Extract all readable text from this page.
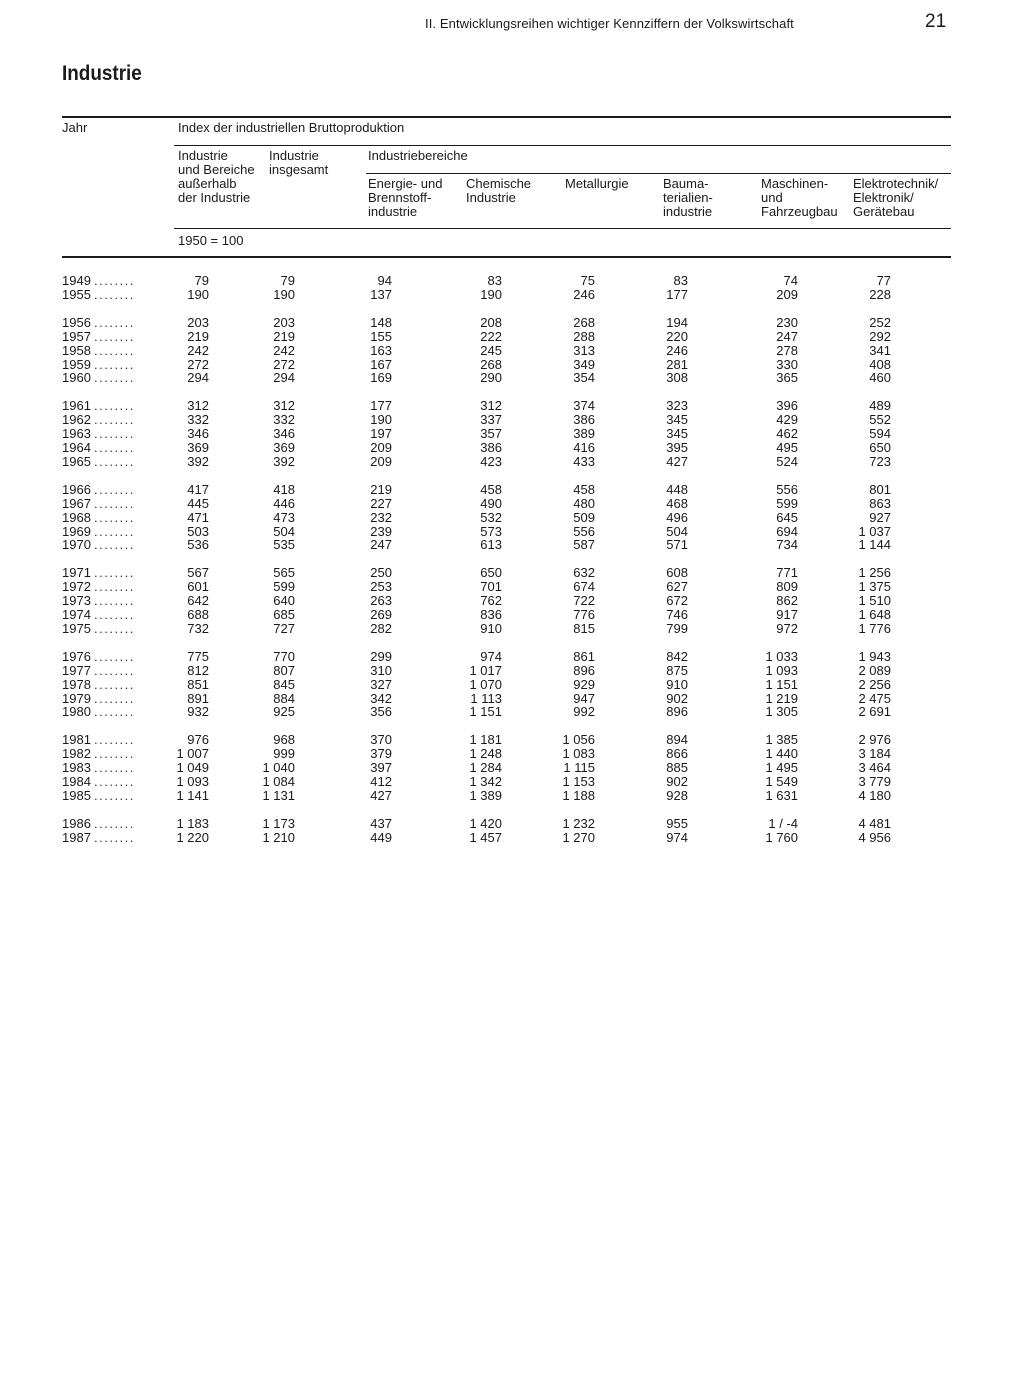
II. Entwicklungsreihen wichtiger Kennziffern der Volkswirtschaft	21
Industrie
Jahr	Index der industriellen Bruttoproduktion
Industrie
und Bereiche
außerhalb
der Industrie
Industrie
insgesamt
Industriebereiche
Energie- und
Brennstoff-
industrie
Chemische
Industrie
Metallurgie	Bauma-
terialien-
industrie
Maschinen-
und
Fahrzeugbau
Elektrotechnik/
Elektronik/
Gerätebau
1950 = 100
1949 ........	79	79	94	83	75	83	74	77
1955 ........	190	190	137	190	246	177	209	228
1956 ........	203	203	148	208	268	194	230	252
1957 ........	219	219	155	222	288	220	247	292
1958 ........	242	242	163	245	313	246	278	341
1959 ........	272	272	167	268	349	281	330	408
1960 ........	294	294	169	290	354	308	365	460
1961 ........	312	312	177	312	374	323	396	489
1962 ........	332	332	190	337	386	345	429	552
1963 ........	346	346	197	357	389	345	462	594
1964 ........	369	369	209	386	416	395	495	650
1965 ........	392	392	209	423	433	427	524	723
1966 ........	417	418	219	458	458	448	556	801
1967 ........	445	446	227	490	480	468	599	863
1968 ........	471	473	232	532	509	496	645	927
1969 ........	503	504	239	573	556	504	694	1 037
1970 ........	536	535	247	613	587	571	734	1 144
1971 ........	567	565	250	650	632	608	771	1 256
1972 ........	601	599	253	701	674	627	809	1 375
1973 ........	642	640	263	762	722	672	862	1 510
1974 ........	688	685	269	836	776	746	917	1 648
1975 ........	732	727	282	910	815	799	972	1 776
1976 ........	775	770	299	974	861	842	1 033	1 943
1977 ........	812	807	310	1 017	896	875	1 093	2 089
1978 ........	851	845	327	1 070	929	910	1 151	2 256
1979 ........	891	884	342	1 113	947	902	1 219	2 475
1980 ........	932	925	356	1 151	992	896	1 305	2 691
1981 ........	976	968	370	1 181	1 056	894	1 385	2 976
1982 ........	1 007	999	379	1 248	1 083	866	1 440	3 184
1983 ........	1 049	1 040	397	1 284	1 115	885	1 495	3 464
1984 ........	1 093	1 084	412	1 342	1 153	902	1 549	3 779
1985 ........	1 141	1 131	427	1 389	1 188	928	1 631	4 180
1986 ........	1 183	1 173	437	1 420	1 232	955	1 / -4	4 481
1987 ........	1 220	1 210	449	1 457	1 270	974	1 760	4 956
